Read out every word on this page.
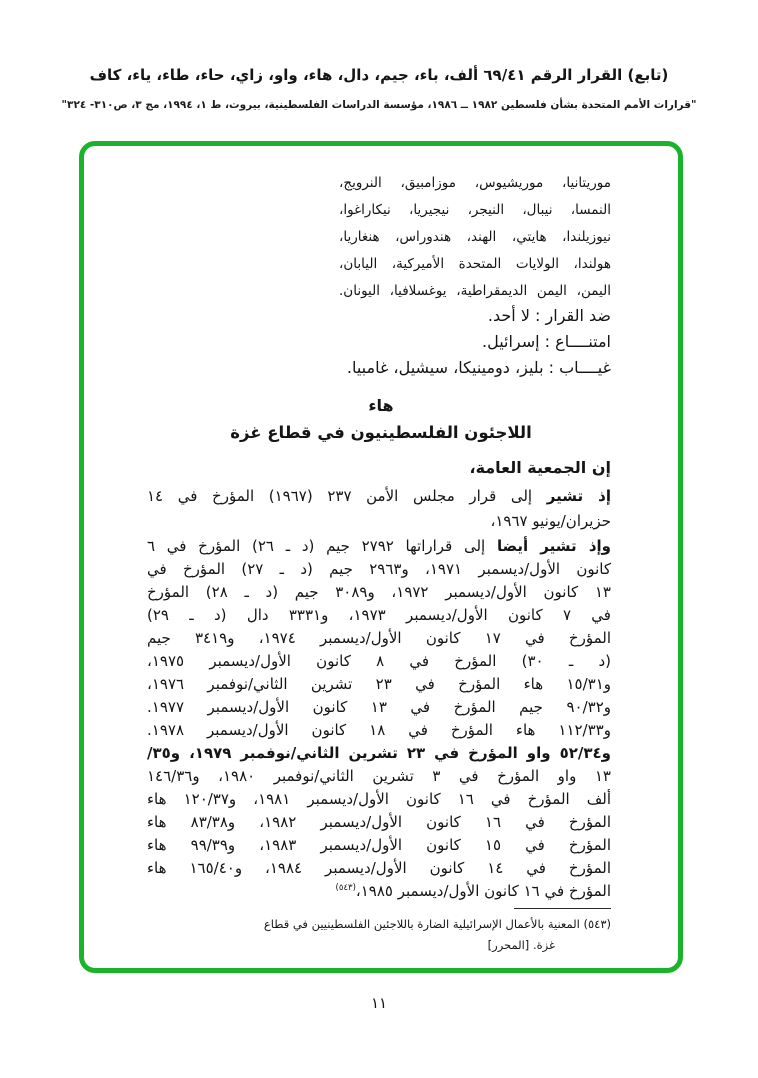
(تابع) القرار الرقم ٦٩/٤١ ألف، باء، جيم، دال، هاء، واو، زاي، حاء، طاء، ياء، كاف
"قرارات الأمم المتحدة بشأن فلسطين ١٩٨٢ ــ ١٩٨٦، مؤسسة الدراسات الفلسطينية، بيروت، ط ١، ١٩٩٤، مج ٣، ص٣١٠- ٣٢٤"
موريتانيا، موريشيوس، موزامبيق، النرويج،
النمسا، نيبال، النيجر، نيجيريا، نيكاراغوا،
نيوزيلندا، هايتي، الهند، هندوراس، هنغاريا،
هولندا، الولايات المتحدة الأميركية، اليابان،
اليمن، اليمن الديمقراطية، يوغسلافيا، اليونان.
ضد القرار : لا أحد.
امتنــــاع : إسرائيل.
غيــــاب : بليز، دومينيكا، سيشيل، غامبيا.
هاء
اللاجئون الفلسطينيون في قطاع غزة
إن الجمعية العامة،
إذ تشير إلى قرار مجلس الأمن ٢٣٧ (١٩٦٧) المؤرخ في ١٤
حزيران/يونيو ١٩٦٧،
وإذ تشير أيضا إلى قراراتها ٢٧٩٢ جيم (د ـ ٢٦) المؤرخ في ٦
كانون الأول/ديسمبر ١٩٧١، و٢٩٦٣ جيم (د ـ ٢٧) المؤرخ في
١٣ كانون الأول/ديسمبر ١٩٧٢، و٣٠٨٩ جيم (د ـ ٢٨) المؤرخ
في ٧ كانون الأول/ديسمبر ١٩٧٣، و٣٣٣١ دال (د ـ ٢٩)
المؤرخ في ١٧ كانون الأول/ديسمبر ١٩٧٤، و٣٤١٩ جيم
(د ـ ٣٠) المؤرخ في ٨ كانون الأول/ديسمبر ١٩٧٥،
و١٥/٣١ هاء المؤرخ في ٢٣ تشرين الثاني/نوفمبر ١٩٧٦،
و٩٠/٣٢ جيم المؤرخ في ١٣ كانون الأول/ديسمبر ١٩٧٧.
و١١٢/٣٣ هاء المؤرخ في ١٨ كانون الأول/ديسمبر ١٩٧٨.
و٥٢/٣٤ واو المؤرخ في ٢٣ تشرين الثاني/نوفمبر ١٩٧٩، و٣٥/
١٣ واو المؤرخ في ٣ تشرين الثاني/نوفمبر ١٩٨٠، و١٤٦/٣٦
ألف المؤرخ في ١٦ كانون الأول/ديسمبر ١٩٨١، و١٢٠/٣٧ هاء
المؤرخ في ١٦ كانون الأول/ديسمبر ١٩٨٢، و٨٣/٣٨ هاء
المؤرخ في ١٥ كانون الأول/ديسمبر ١٩٨٣، و٩٩/٣٩ هاء
المؤرخ في ١٤ كانون الأول/ديسمبر ١٩٨٤، و١٦٥/٤٠ هاء
المؤرخ في ١٦ كانون الأول/ديسمبر ١٩٨٥،$^{(٥٤٣)}$
(٥٤٣) المعنية بالأعمال الإسرائيلية الضارة باللاجئين الفلسطينيين في قطاع
غزة. [المحرر]
١١
